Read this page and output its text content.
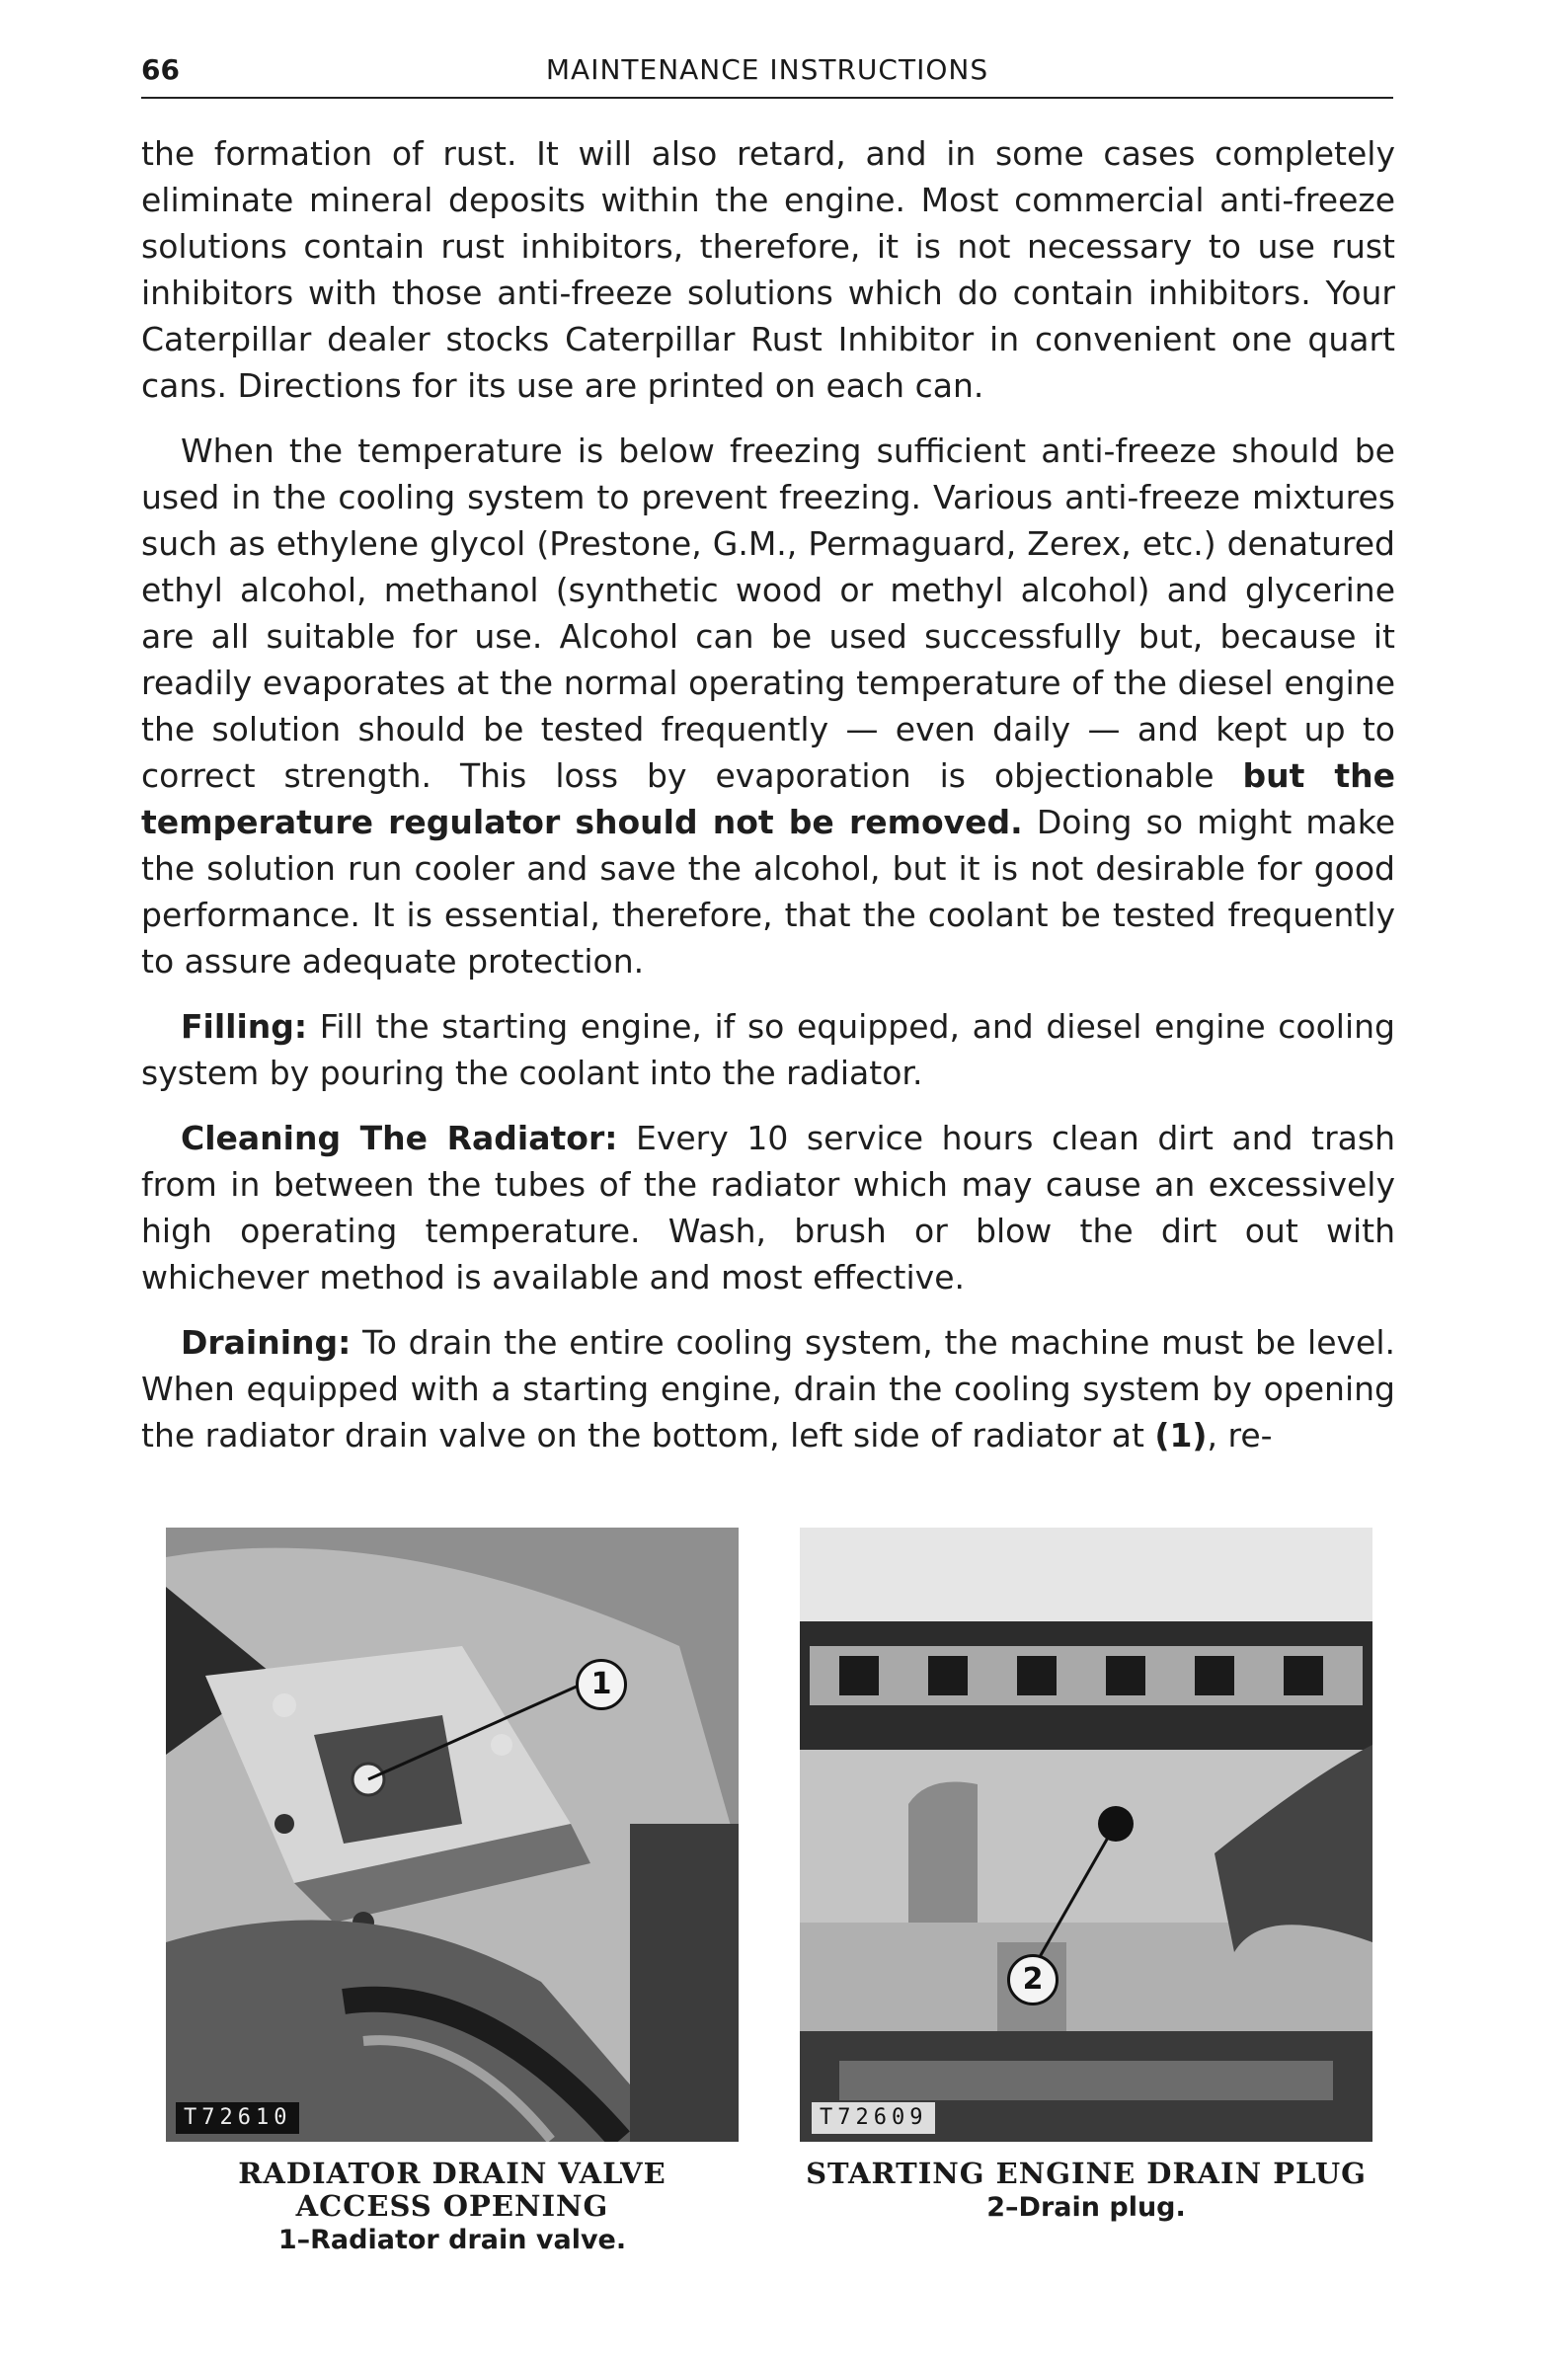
66	MAINTENANCE INSTRUCTIONS

the formation of rust. It will also retard, and in some cases completely eliminate mineral deposits within the engine. Most commercial anti-freeze solutions contain rust inhibitors, therefore, it is not necessary to use rust inhibitors with those anti-freeze solutions which do contain inhibitors. Your Caterpillar dealer stocks Caterpillar Rust Inhibitor in convenient one quart cans. Directions for its use are printed on each can.

When the temperature is below freezing sufficient anti-freeze should be used in the cooling system to prevent freezing. Various anti-freeze mixtures such as ethylene glycol (Prestone, G.M., Permaguard, Zerex, etc.) denatured ethyl alcohol, methanol (synthetic wood or methyl alcohol) and glycerine are all suitable for use. Alcohol can be used successfully but, because it readily evaporates at the normal operating temperature of the diesel engine the solution should be tested frequently — even daily — and kept up to correct strength. This loss by evaporation is objectionable but the temperature regulator should not be removed. Doing so might make the solution run cooler and save the alcohol, but it is not desirable for good performance. It is essential, therefore, that the coolant be tested frequently to assure adequate protection.

Filling: Fill the starting engine, if so equipped, and diesel engine cooling system by pouring the coolant into the radiator.

Cleaning The Radiator: Every 10 service hours clean dirt and trash from in between the tubes of the radiator which may cause an excessively high operating temperature. Wash, brush or blow the dirt out with whichever method is available and most effective.

Draining: To drain the entire cooling system, the machine must be level. When equipped with a starting engine, drain the cooling system by opening the radiator drain valve on the bottom, left side of radiator at (1), re-

1
T72610
2
T72609
RADIATOR DRAIN VALVE ACCESS OPENING
1–Radiator drain valve.
STARTING ENGINE DRAIN PLUG
2–Drain plug.
